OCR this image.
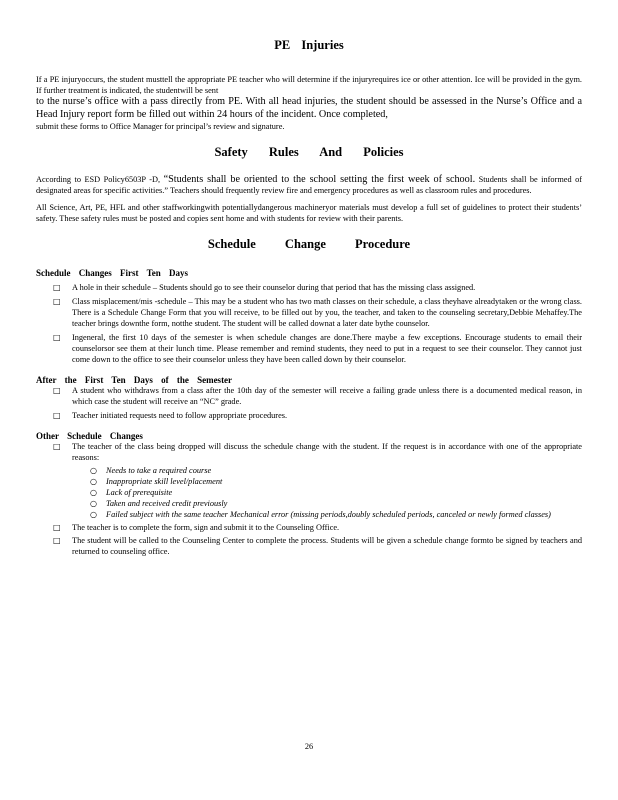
PE Injuries

If a PE injuryoccurs, the student musttell the appropriate PE teacher who will determine if the injuryrequires ice or other attention. Ice will be provided in the gym. If further treatment is indicated, the studentwill be sent

to the nurse’s office with a pass directly from PE. With all head injuries, the student should be assessed in the Nurse’s Office and a Head Injury report form be filled out within 24 hours of the incident. Once completed,

submit these forms to Office Manager for principal’s review and signature.

Safety Rules And Policies

According to ESD Policy6503P -D, “Students shall be oriented to the school setting the first week of school. Students shall be informed of designated areas for specific activities.” Teachers should frequently review fire and emergency procedures as well as classroom rules and procedures.

All Science, Art, PE, HFL and other staffworkingwith potentiallydangerous machineryor materials must develop a full set of guidelines to protect their students’ safety. These safety rules must be posted and copies sent home and with students for review with their parents.

Schedule Change Procedure

Schedule Changes First Ten Days

□ A hole in their schedule – Students should go to see their counselor during that period that has the missing class assigned.
□ Class misplacement/mis -schedule – This may be a student who has two math classes on their schedule, a class theyhave alreadytaken or the wrong class. There is a Schedule Change Form that you will receive, to be filled out by you, the teacher, and taken to the counseling secretary,Debbie Mehaffey.The teacher brings downthe form, notthe student. The student will be called downat a later date bythe counselor.
□ Ingeneral, the first 10 days of the semester is when schedule changes are done.There maybe a few exceptions. Encourage students to email their counselorsor see them at their lunch time. Please remember and remind students, they need to put in a request to see their counselor. They cannot just come down to the office to see their counselor unless they have been called down by their counselor.

After the First Ten Days of the Semester

□ A student who withdraws from a class after the 10th day of the semester will receive a failing grade unless there is a documented medical reason, in which case the student will receive an “NC” grade.
□ Teacher initiated requests need to follow appropriate procedures.

Other Schedule Changes

□ The teacher of the class being dropped will discuss the schedule change with the student. If the request is in accordance with one of the appropriate reasons:
○ Needs to take a required course
○ Inappropriate skill level/placement
○ Lack of prerequisite
○ Taken and received credit previously
○ Failed subject with the same teacher Mechanical error (missing periods,doubly scheduled periods, canceled or newly formed classes)
□ The teacher is to complete the form, sign and submit it to the Counseling Office.
□ The student will be called to the Counseling Center to complete the process. Students will be given a schedule change formto be signed by teachers and returned to counseling office.
26
